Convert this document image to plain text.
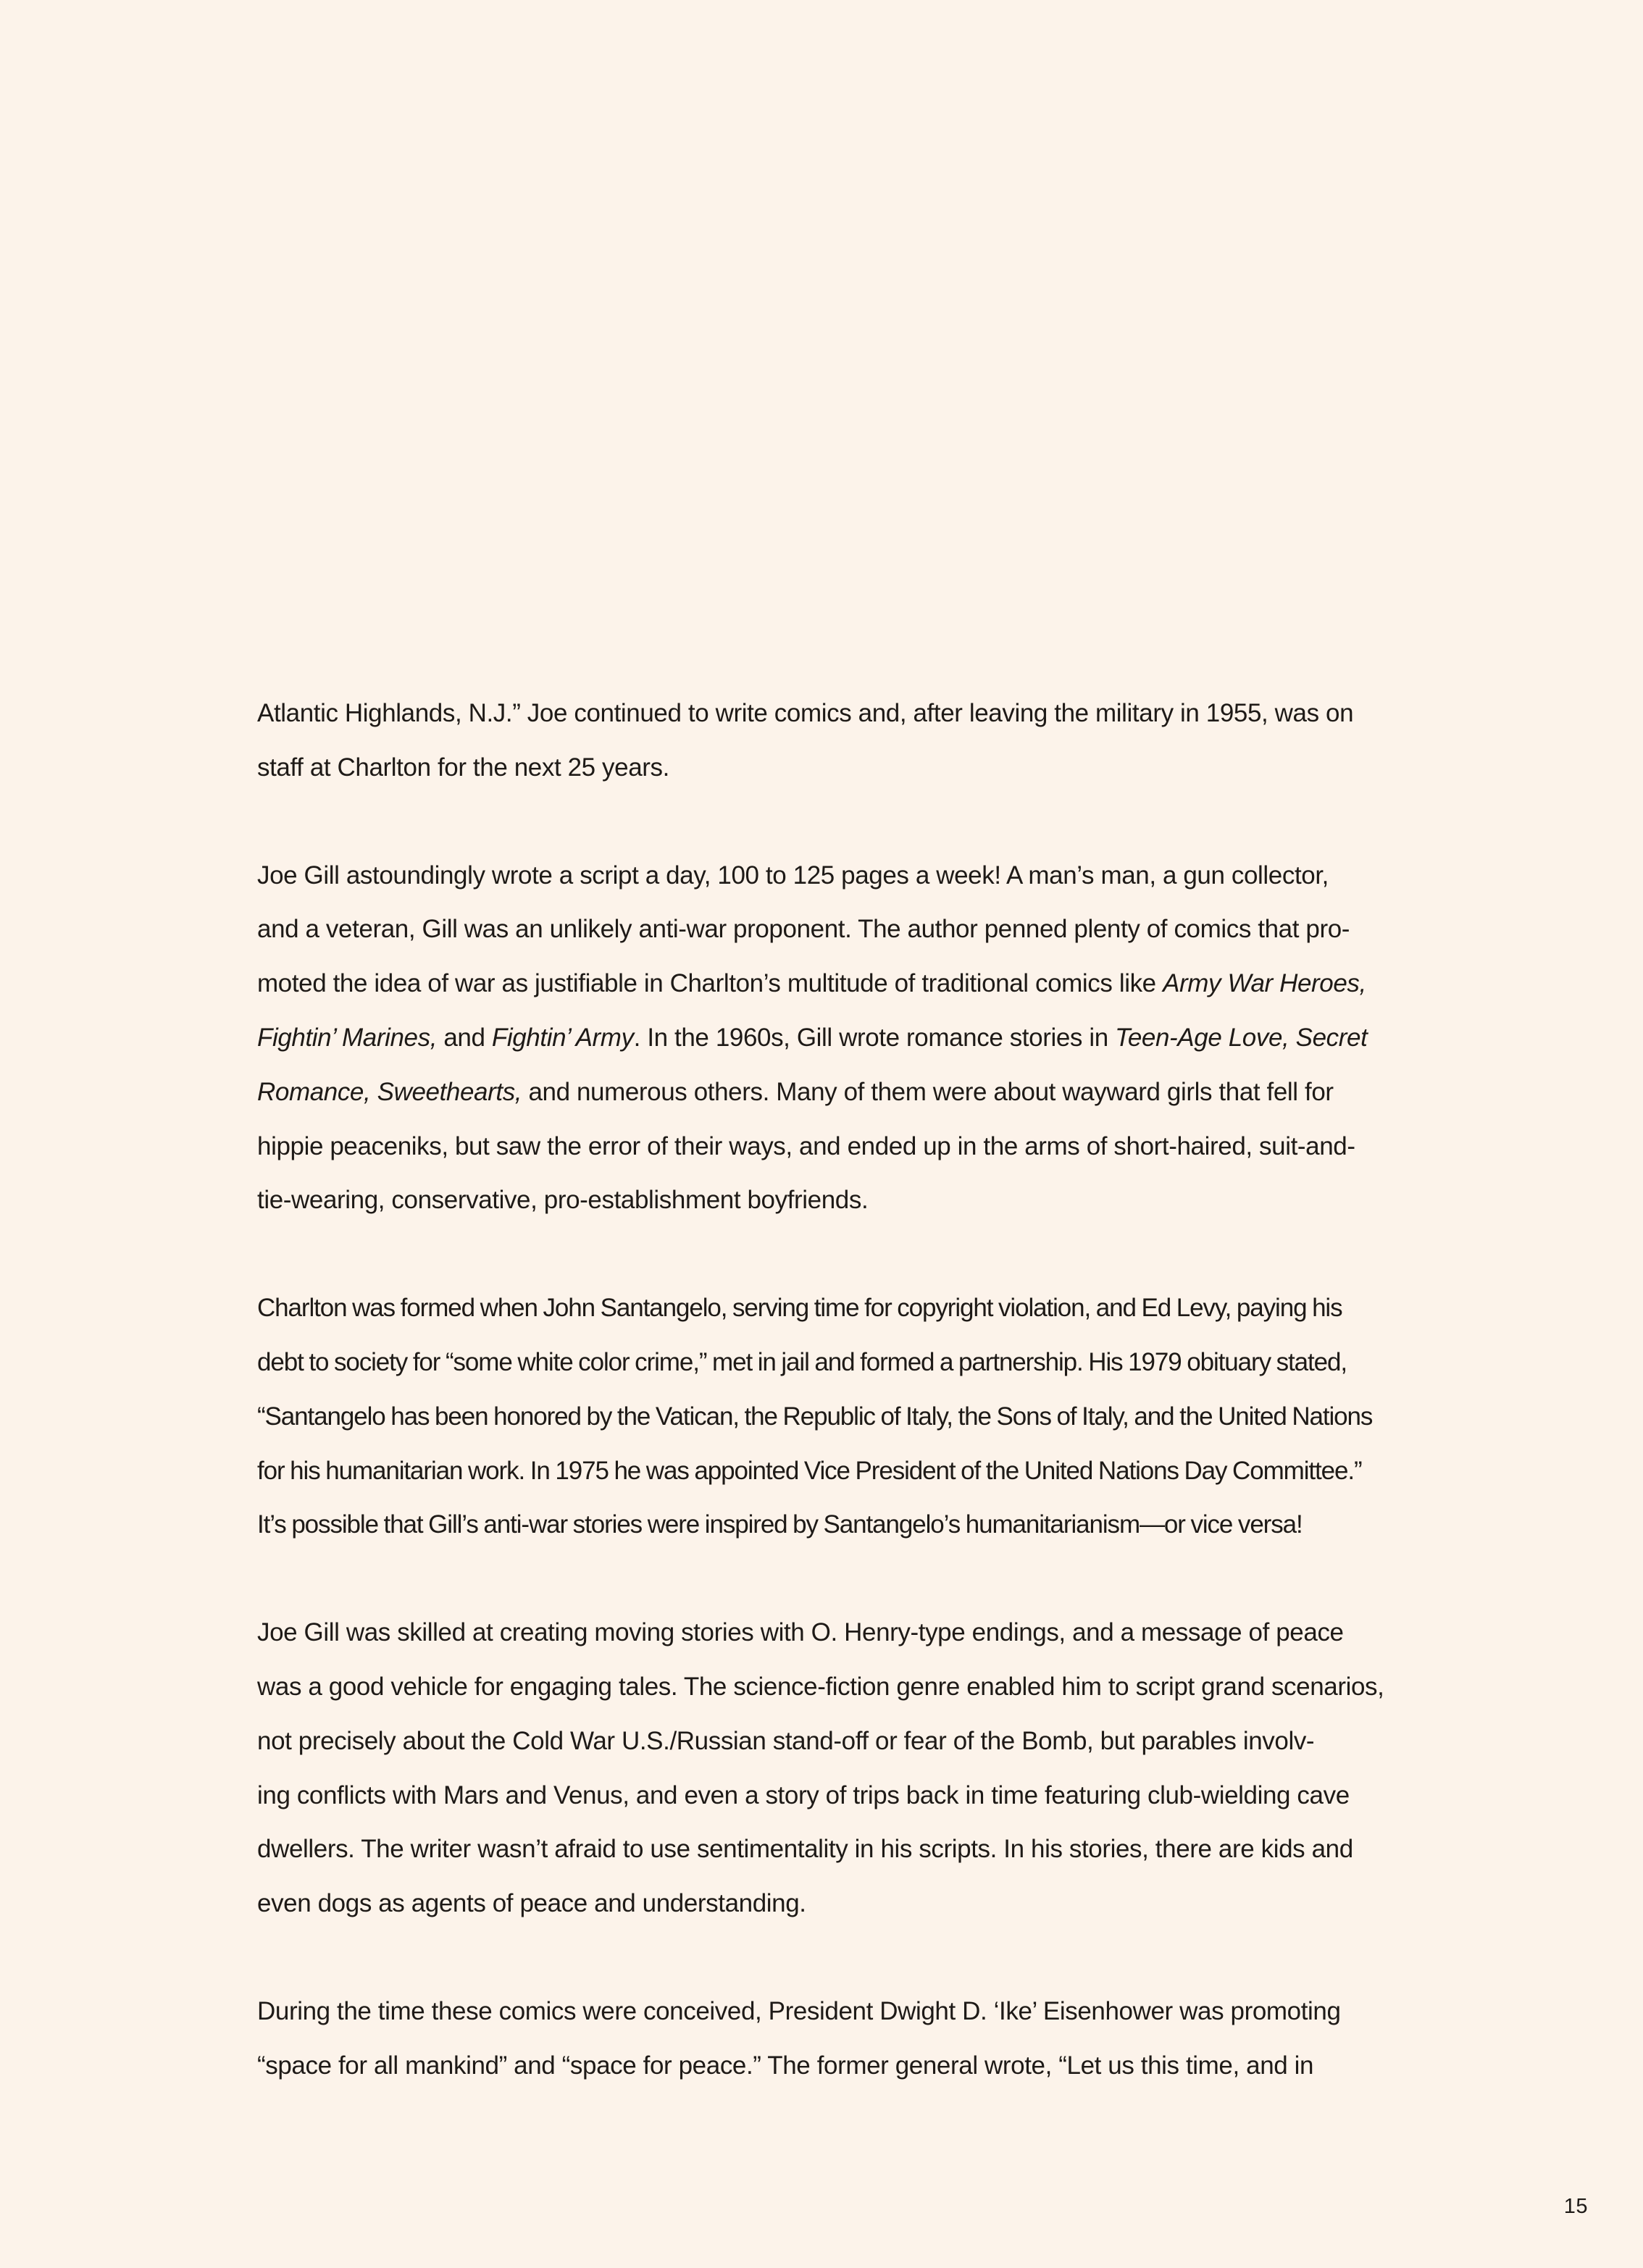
Atlantic Highlands, N.J.” Joe continued to write comics and, after leaving the military in 1955, was on
staff at Charlton for the next 25 years.

Joe Gill astoundingly wrote a script a day, 100 to 125 pages a week! A man’s man, a gun collector,
and a veteran, Gill was an unlikely anti-war proponent. The author penned plenty of comics that pro-
moted the idea of war as justifiable in Charlton’s multitude of traditional comics like Army War Heroes,
Fightin’ Marines, and Fightin’ Army. In the 1960s, Gill wrote romance stories in Teen-Age Love, Secret
Romance, Sweethearts, and numerous others. Many of them were about wayward girls that fell for
hippie peaceniks, but saw the error of their ways, and ended up in the arms of short-haired, suit-and-
tie-wearing, conservative, pro-establishment boyfriends.

Charlton was formed when John Santangelo, serving time for copyright violation, and Ed Levy, paying his
debt to society for “some white color crime,” met in jail and formed a partnership. His 1979 obituary stated,
“Santangelo has been honored by the Vatican, the Republic of Italy, the Sons of Italy, and the United Nations
for his humanitarian work. In 1975 he was appointed Vice President of the United Nations Day Committee.”
It’s possible that Gill’s anti-war stories were inspired by Santangelo’s humanitarianism—or vice versa!

Joe Gill was skilled at creating moving stories with O. Henry-type endings, and a message of peace
was a good vehicle for engaging tales. The science-fiction genre enabled him to script grand scenarios,
not precisely about the Cold War U.S./Russian stand-off or fear of the Bomb, but parables involv-
ing conflicts with Mars and Venus, and even a story of trips back in time featuring club-wielding cave
dwellers. The writer wasn’t afraid to use sentimentality in his scripts. In his stories, there are kids and
even dogs as agents of peace and understanding.

During the time these comics were conceived, President Dwight D. ‘Ike’ Eisenhower was promoting
“space for all mankind” and “space for peace.” The former general wrote, “Let us this time, and in

15
